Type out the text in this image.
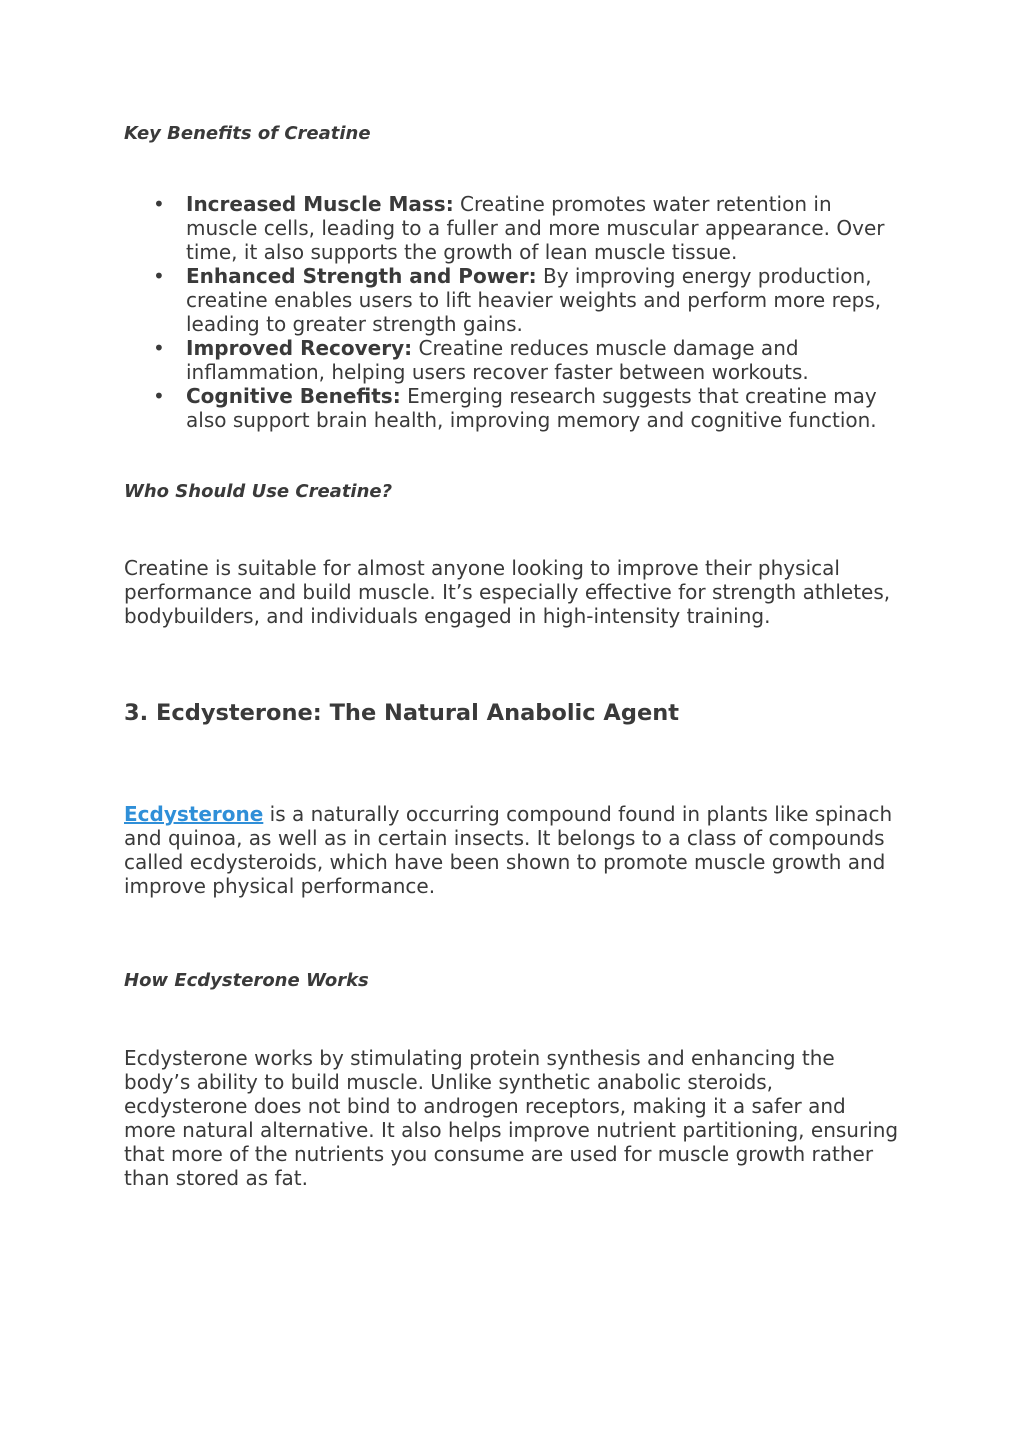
Key Benefits of Creatine
• Increased Muscle Mass: Creatine promotes water retention in muscle cells, leading to a fuller and more muscular appearance. Over time, it also supports the growth of lean muscle tissue.
• Enhanced Strength and Power: By improving energy production, creatine enables users to lift heavier weights and perform more reps, leading to greater strength gains.
• Improved Recovery: Creatine reduces muscle damage and inflammation, helping users recover faster between workouts.
• Cognitive Benefits: Emerging research suggests that creatine may also support brain health, improving memory and cognitive function.
Who Should Use Creatine?

Creatine is suitable for almost anyone looking to improve their physical performance and build muscle. It’s especially effective for strength athletes, bodybuilders, and individuals engaged in high-intensity training.

3. Ecdysterone: The Natural Anabolic Agent

Ecdysterone is a naturally occurring compound found in plants like spinach and quinoa, as well as in certain insects. It belongs to a class of compounds called ecdysteroids, which have been shown to promote muscle growth and improve physical performance.

How Ecdysterone Works

Ecdysterone works by stimulating protein synthesis and enhancing the body’s ability to build muscle. Unlike synthetic anabolic steroids, ecdysterone does not bind to androgen receptors, making it a safer and more natural alternative. It also helps improve nutrient partitioning, ensuring that more of the nutrients you consume are used for muscle growth rather than stored as fat.
